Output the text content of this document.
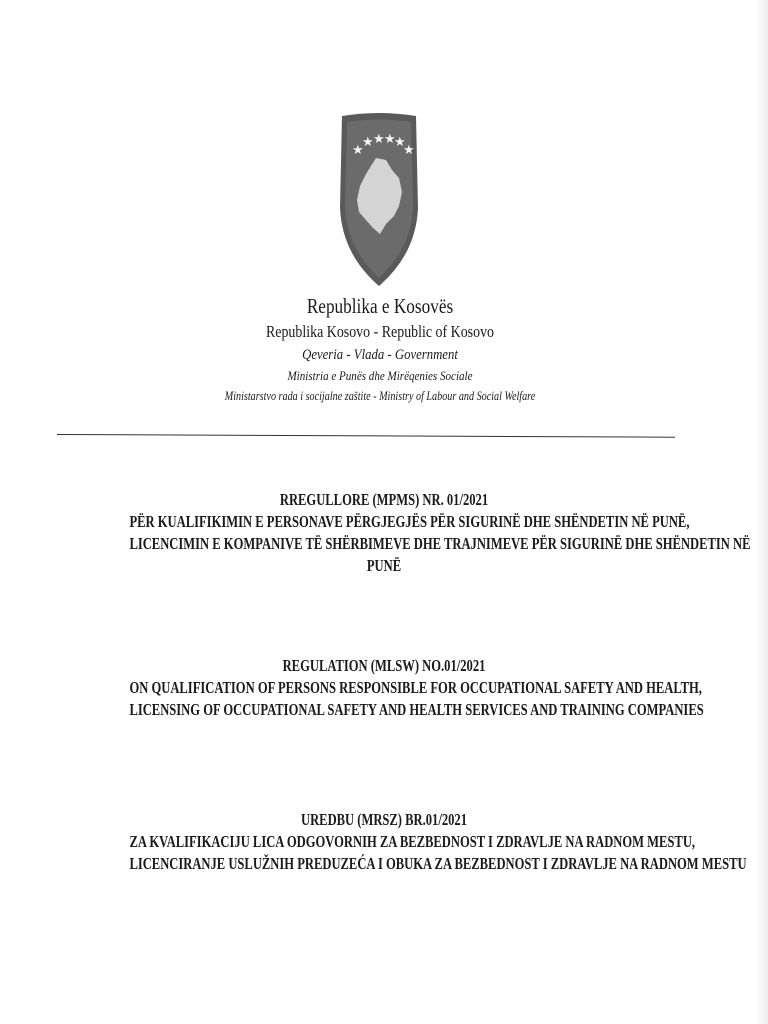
★
★ ★ ★
★
★
Republika e Kosovës
Republika Kosovo - Republic of Kosovo
Qeveria - Vlada - Government
Ministria e Punës dhe Mirëqenies Sociale
Ministarstvo rada i socijalne zaštite - Ministry of Labour and Social Welfare
RREGULLORE (MPMS) NR. 01/2021
PËR KUALIFIKIMIN E PERSONAVE PËRGJEGJËS PËR SIGURINË DHE SHËNDETIN NË PUNË,
LICENCIMIN E KOMPANIVE TË SHËRBIMEVE DHE TRAJNIMEVE PËR SIGURINË DHE SHËNDETIN NË
PUNË
REGULATION (MLSW) NO.01/2021
ON QUALIFICATION OF PERSONS RESPONSIBLE FOR OCCUPATIONAL SAFETY AND HEALTH,
LICENSING OF OCCUPATIONAL SAFETY AND HEALTH SERVICES AND TRAINING COMPANIES
UREDBU (MRSZ) BR.01/2021
ZA KVALIFIKACIJU LICA ODGOVORNIH ZA BEZBEDNOST I ZDRAVLJE NA RADNOM MESTU,
LICENCIRANJE USLUŽNIH PREDUZEĆA I OBUKA ZA BEZBEDNOST I ZDRAVLJE NA RADNOM MESTU
